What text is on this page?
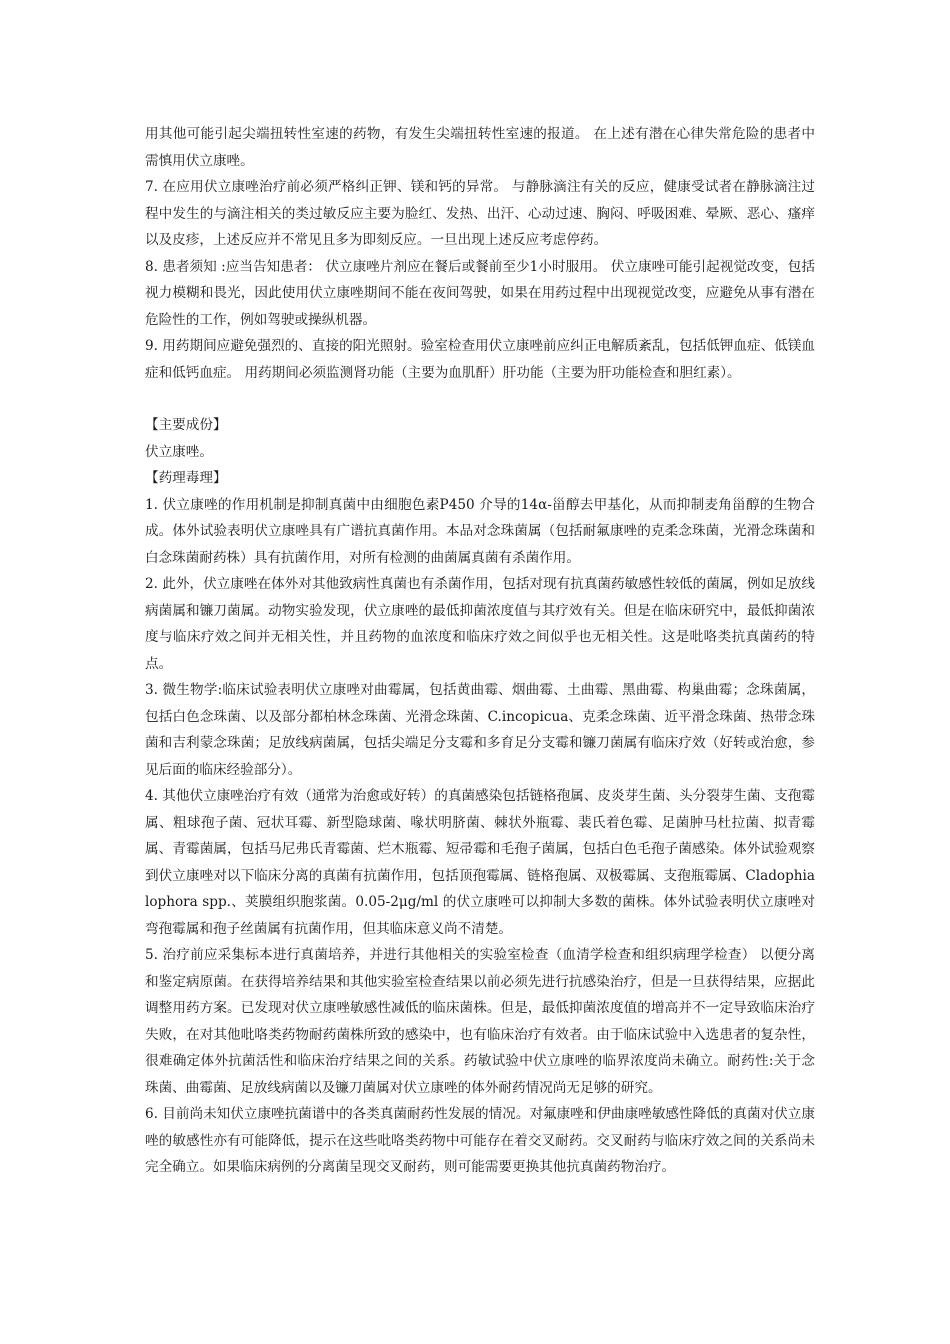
用其他可能引起尖端扭转性室速的药物，有发生尖端扭转性室速的报道。 在上述有潜在心律失常危险的患者中需慎用伏立康唑。

7. 在应用伏立康唑治疗前必须严格纠正钾、镁和钙的异常。 与静脉滴注有关的反应，健康受试者在静脉滴注过程中发生的与滴注相关的类过敏反应主要为脸红、发热、出汗、心动过速、胸闷、呼吸困难、晕厥、恶心、瘙痒以及皮疹，上述反应并不常见且多为即刻反应。一旦出现上述反应考虑停药。

8. 患者须知 :应当告知患者： 伏立康唑片剂应在餐后或餐前至少1小时服用。 伏立康唑可能引起视觉改变，包括视力模糊和畏光，因此使用伏立康唑期间不能在夜间驾驶，如果在用药过程中出现视觉改变，应避免从事有潜在危险性的工作，例如驾驶或操纵机器。

9. 用药期间应避免强烈的、直接的阳光照射。验室检查用伏立康唑前应纠正电解质紊乱，包括低钾血症、低镁血症和低钙血症。 用药期间必须监测肾功能（主要为血肌酐）肝功能（主要为肝功能检查和胆红素）。

【主要成份】

伏立康唑。

【药理毒理】

1. 伏立康唑的作用机制是抑制真菌中由细胞色素P450 介导的14α-甾醇去甲基化，从而抑制麦角甾醇的生物合成。体外试验表明伏立康唑具有广谱抗真菌作用。本品对念珠菌属（包括耐氟康唑的克柔念珠菌，光滑念珠菌和白念珠菌耐药株）具有抗菌作用，对所有检测的曲菌属真菌有杀菌作用。

2. 此外，伏立康唑在体外对其他致病性真菌也有杀菌作用，包括对现有抗真菌药敏感性较低的菌属，例如足放线病菌属和镰刀菌属。动物实验发现，伏立康唑的最低抑菌浓度值与其疗效有关。但是在临床研究中，最低抑菌浓度与临床疗效之间并无相关性，并且药物的血浓度和临床疗效之间似乎也无相关性。这是吡咯类抗真菌药的特点。

3. 微生物学:临床试验表明伏立康唑对曲霉属，包括黄曲霉、烟曲霉、土曲霉、黑曲霉、构巢曲霉；念珠菌属，包括白色念珠菌、以及部分都柏林念珠菌、光滑念珠菌、C.incopicua、克柔念珠菌、近平滑念珠菌、热带念珠菌和吉利蒙念珠菌；足放线病菌属，包括尖端足分支霉和多育足分支霉和镰刀菌属有临床疗效（好转或治愈，参见后面的临床经验部分）。

4. 其他伏立康唑治疗有效（通常为治愈或好转）的真菌感染包括链格孢属、皮炎芽生菌、头分裂芽生菌、支孢霉属、粗球孢子菌、冠状耳霉、新型隐球菌、喙状明脐菌、棘状外瓶霉、裴氏着色霉、足菌肿马杜拉菌、拟青霉属、青霉菌属，包括马尼弗氏青霉菌、烂木瓶霉、短帚霉和毛孢子菌属，包括白色毛孢子菌感染。体外试验观察到伏立康唑对以下临床分离的真菌有抗菌作用，包括顶孢霉属、链格孢属、双极霉属、支孢瓶霉属、Cladophialophora spp.、荚膜组织胞浆菌。0.05-2μg/ml 的伏立康唑可以抑制大多数的菌株。体外试验表明伏立康唑对弯孢霉属和孢子丝菌属有抗菌作用，但其临床意义尚不清楚。

5. 治疗前应采集标本进行真菌培养，并进行其他相关的实验室检查（血清学检查和组织病理学检查） 以便分离和鉴定病原菌。在获得培养结果和其他实验室检查结果以前必须先进行抗感染治疗，但是一旦获得结果，应据此调整用药方案。已发现对伏立康唑敏感性减低的临床菌株。但是，最低抑菌浓度值的增高并不一定导致临床治疗失败，在对其他吡咯类药物耐药菌株所致的感染中，也有临床治疗有效者。由于临床试验中入选患者的复杂性，很难确定体外抗菌活性和临床治疗结果之间的关系。药敏试验中伏立康唑的临界浓度尚未确立。耐药性:关于念珠菌、曲霉菌、足放线病菌以及镰刀菌属对伏立康唑的体外耐药情况尚无足够的研究。

6. 目前尚未知伏立康唑抗菌谱中的各类真菌耐药性发展的情况。对氟康唑和伊曲康唑敏感性降低的真菌对伏立康唑的敏感性亦有可能降低，提示在这些吡咯类药物中可能存在着交叉耐药。交叉耐药与临床疗效之间的关系尚未完全确立。如果临床病例的分离菌呈现交叉耐药，则可能需要更换其他抗真菌药物治疗。
